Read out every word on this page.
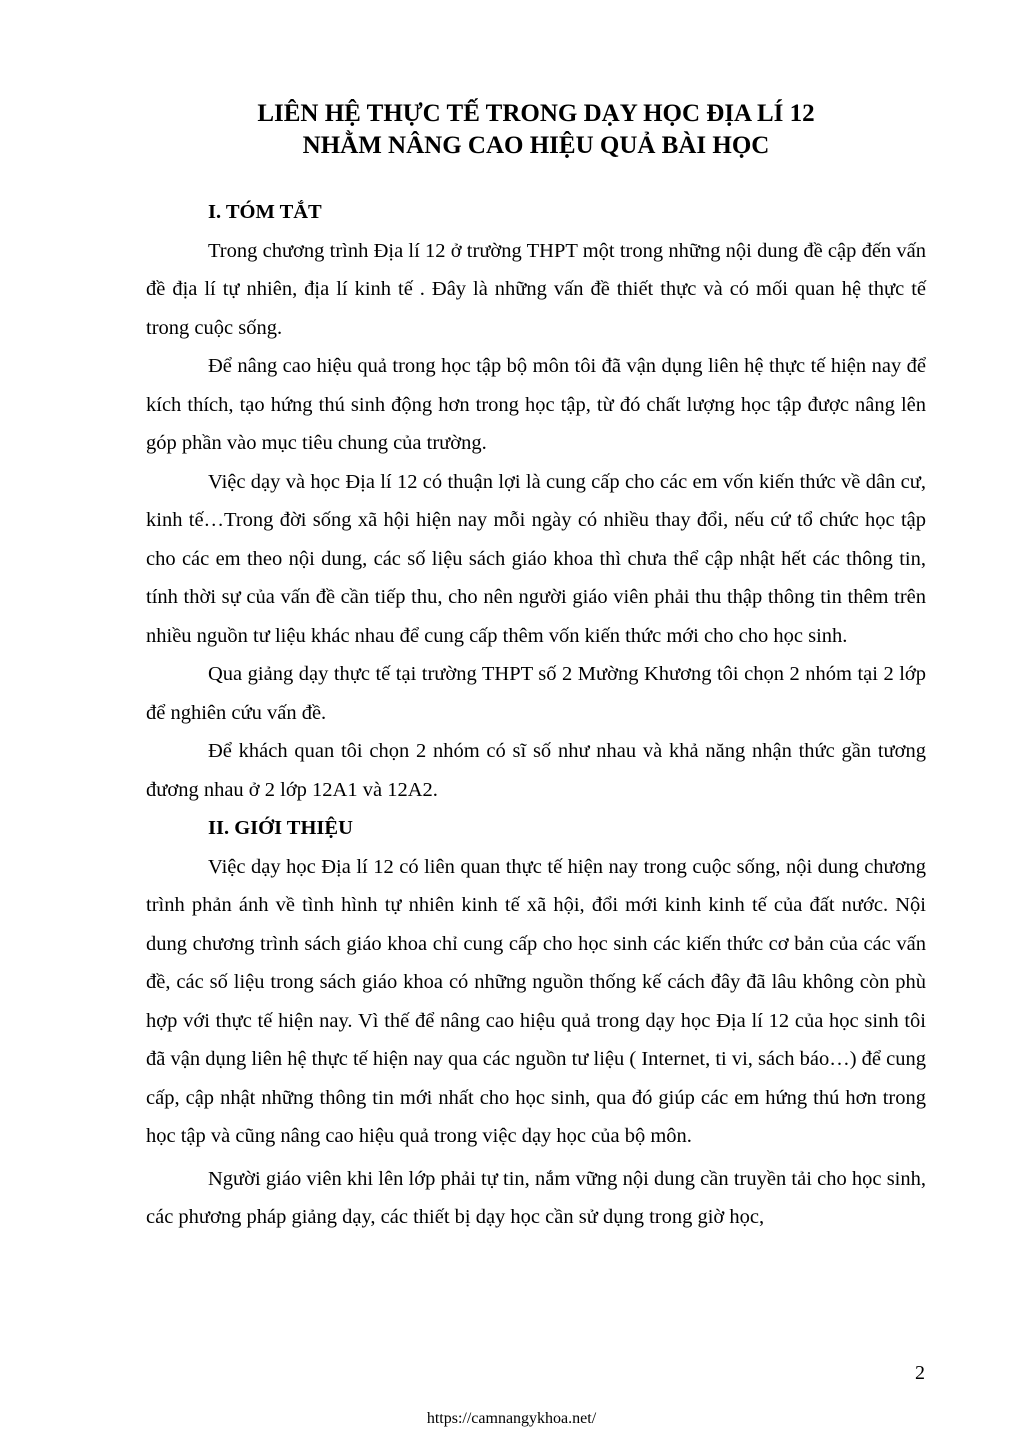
LIÊN HỆ THỰC TẾ TRONG DẠY HỌC ĐỊA LÍ 12
NHẰM NÂNG CAO HIỆU QUẢ BÀI HỌC

I. TÓM TẮT

Trong chương trình Địa lí 12 ở trường THPT một trong những nội dung đề cập đến vấn đề địa lí tự nhiên, địa lí kinh tế . Đây là những vấn đề thiết thực và có mối quan hệ thực tế trong cuộc sống.

Để nâng cao hiệu quả trong học tập bộ môn tôi đã vận dụng liên hệ thực tế hiện nay để kích thích, tạo hứng thú sinh động hơn trong học tập, từ đó chất lượng học tập được nâng lên góp phần vào mục tiêu chung của trường.

Việc dạy và học Địa lí 12 có thuận lợi là cung cấp cho các em vốn kiến thức về dân cư, kinh tế…Trong đời sống xã hội hiện nay mỗi ngày có nhiều thay đổi, nếu cứ tổ chức học tập cho các em theo nội dung, các số liệu sách giáo khoa thì chưa thể cập nhật hết các thông tin, tính thời sự của vấn đề cần tiếp thu, cho nên người giáo viên phải thu thập thông tin thêm trên nhiều nguồn tư liệu khác nhau để cung cấp thêm vốn kiến thức mới cho cho học sinh.

Qua giảng dạy thực tế tại trường THPT số 2 Mường Khương tôi chọn 2 nhóm tại 2 lớp để nghiên cứu vấn đề.

Để khách quan tôi chọn 2 nhóm có sĩ số như nhau và khả năng nhận thức gần tương đương nhau ở 2 lớp 12A1 và 12A2.

II. GIỚI THIỆU

Việc dạy học Địa lí 12 có liên quan thực tế hiện nay trong cuộc sống, nội dung chương trình phản ánh về tình hình tự nhiên kinh tế xã hội, đổi mới kinh kinh tế của đất nước. Nội dung chương trình sách giáo khoa chỉ cung cấp cho học sinh các kiến thức cơ bản của các vấn đề, các số liệu trong sách giáo khoa có những nguồn thống kế cách đây đã lâu không còn phù hợp với thực tế hiện nay. Vì thế để nâng cao hiệu quả trong dạy học Địa lí 12 của học sinh tôi đã vận dụng liên hệ thực tế hiện nay qua các nguồn tư liệu ( Internet, ti vi, sách báo…) để cung cấp, cập nhật những thông tin mới nhất cho học sinh, qua đó giúp các em hứng thú hơn trong học tập và cũng nâng cao hiệu quả trong việc dạy học của bộ môn.

Người giáo viên khi lên lớp phải tự tin, nắm vững nội dung cần truyền tải cho học sinh, các phương pháp giảng dạy, các thiết bị dạy học cần sử dụng trong giờ học,

2
https://camnangykhoa.net/
